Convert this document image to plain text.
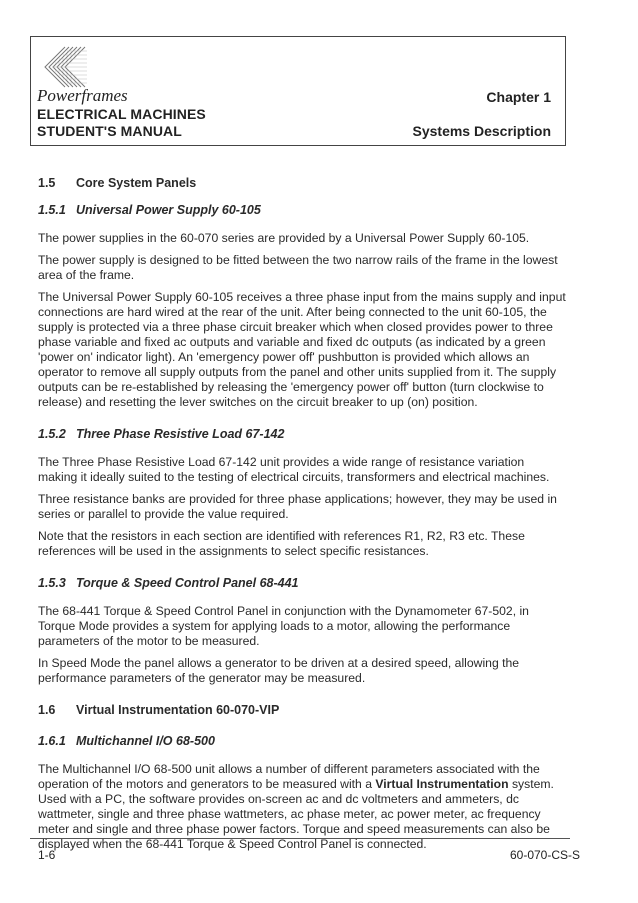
Powerframes
ELECTRICAL MACHINES
STUDENT'S MANUAL
Chapter 1
Systems Description
1.5 Core System Panels
1.5.1 Universal Power Supply 60-105

The power supplies in the 60-070 series are provided by a Universal Power Supply 60-105.

The power supply is designed to be fitted between the two narrow rails of the frame in the lowest area of the frame.

The Universal Power Supply 60-105 receives a three phase input from the mains supply and input connections are hard wired at the rear of the unit. After being connected to the unit 60-105, the supply is protected via a three phase circuit breaker which when closed provides power to three phase variable and fixed ac outputs and variable and fixed dc outputs (as indicated by a green 'power on' indicator light). An 'emergency power off' pushbutton is provided which allows an operator to remove all supply outputs from the panel and other units supplied from it. The supply outputs can be re-established by releasing the 'emergency power off' button (turn clockwise to release) and resetting the lever switches on the circuit breaker to up (on) position.

1.5.2 Three Phase Resistive Load 67-142

The Three Phase Resistive Load 67-142 unit provides a wide range of resistance variation making it ideally suited to the testing of electrical circuits, transformers and electrical machines.

Three resistance banks are provided for three phase applications; however, they may be used in series or parallel to provide the value required.

Note that the resistors in each section are identified with references R1, R2, R3 etc. These references will be used in the assignments to select specific resistances.

1.5.3 Torque & Speed Control Panel 68-441

The 68-441 Torque & Speed Control Panel in conjunction with the Dynamometer 67-502, in Torque Mode provides a system for applying loads to a motor, allowing the performance parameters of the motor to be measured.

In Speed Mode the panel allows a generator to be driven at a desired speed, allowing the performance parameters of the generator may be measured.

1.6 Virtual Instrumentation 60-070-VIP
1.6.1 Multichannel I/O 68-500

The Multichannel I/O 68-500 unit allows a number of different parameters associated with the operation of the motors and generators to be measured with a Virtual Instrumentation system. Used with a PC, the software provides on-screen ac and dc voltmeters and ammeters, dc wattmeter, single and three phase wattmeters, ac phase meter, ac power meter, ac frequency meter and single and three phase power factors. Torque and speed measurements can also be displayed when the 68-441 Torque & Speed Control Panel is connected.

1-6	60-070-CS-S
